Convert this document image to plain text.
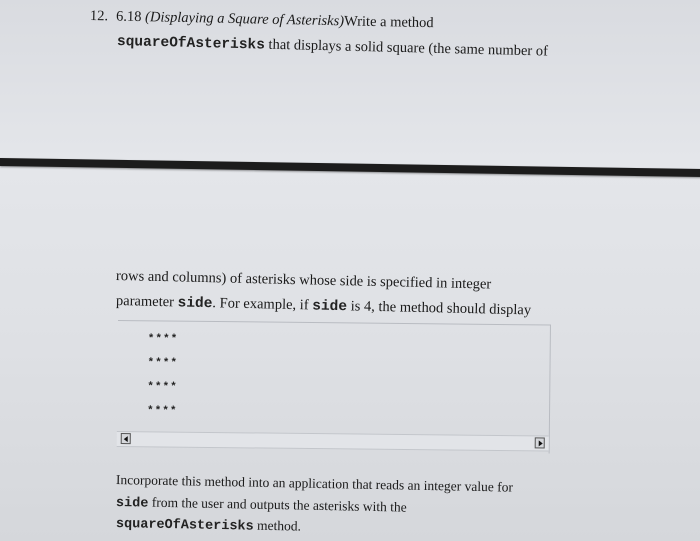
12. 6.18 (Displaying a Square of Asterisks)Write a method
squareOfAsterisks that displays a solid square (the same number of
rows and columns) of asterisks whose side is specified in integer
parameter side. For example, if side is 4, the method should display
****
****
****
****
Incorporate this method into an application that reads an integer value for
side from the user and outputs the asterisks with the
squareOfAsterisks method.
